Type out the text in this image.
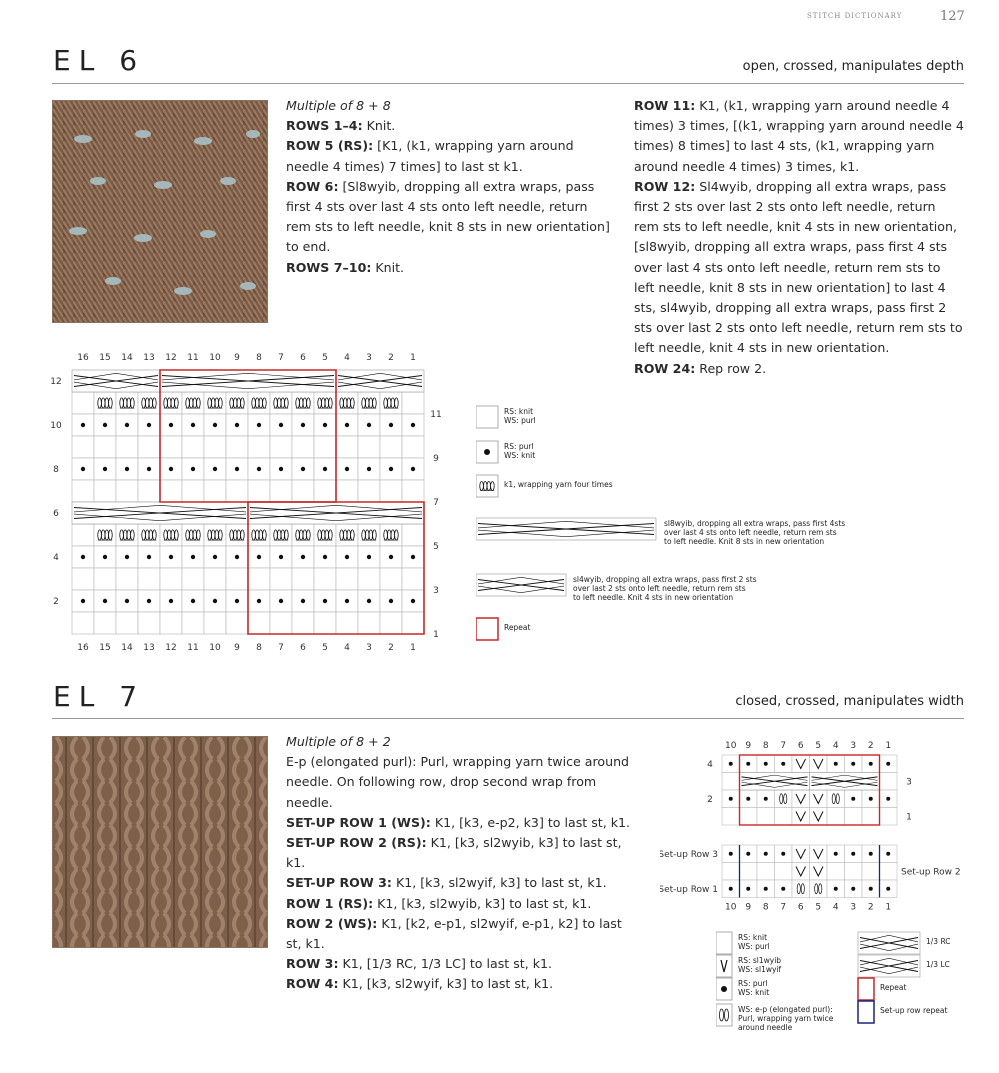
STITCH DICTIONARY	127
EL 6	open, crossed, manipulates depth

Multiple of 8 + 8

ROWS 1–4: Knit.

ROW 5 (RS): [K1, (k1, wrapping yarn around needle 4 times) 7 times] to last st k1.

ROW 6: [Sl8wyib, dropping all extra wraps, pass first 4 sts over last 4 sts onto left needle, return rem sts to left needle, knit 8 sts in new orientation] to end.

ROWS 7–10: Knit.

ROW 11: K1, (k1, wrapping yarn around needle 4 times) 3 times, [(k1, wrapping yarn around needle 4 times) 8 times] to last 4 sts, (k1, wrapping yarn around needle 4 times) 3 times, k1.

ROW 12: Sl4wyib, dropping all extra wraps, pass first 2 sts over last 2 sts onto left needle, return rem sts to left needle, knit 4 sts in new orientation, [sl8wyib, dropping all extra wraps, pass first 4 sts over last 4 sts onto left needle, return rem sts to left needle, knit 8 sts in new orientation] to last 4 sts, sl4wyib, dropping all extra wraps, pass first 2 sts over last 2 sts onto left needle, return rem sts to left needle, knit 4 sts in new orientation.

ROW 24: Rep row 2.

16 15 14 13 12 11 10 9 8 7 6 5 4 3 2 1
16 15 14 13 12 11 10 9 8 7 6 5 4 3 2 1
12
10
8
6
4
2
11
9
7
5
3
1
RS: knit WS: purl
RS: purl WS: knit
k1, wrapping yarn four times
sl8wyib, dropping all extra wraps, pass first 4sts over last 4 sts onto left needle, return rem sts to left needle. Knit 8 sts in new orientation
sl4wyib, dropping all extra wraps, pass first 2 sts over last 2 sts onto left needle, return rem sts to left needle. Knit 4 sts in new orientation
Repeat
EL 7	closed, crossed, manipulates width

Multiple of 8 + 2

E-p (elongated purl): Purl, wrapping yarn twice around needle. On following row, drop second wrap from needle.

SET-UP ROW 1 (WS): K1, [k3, e-p2, k3] to last st, k1.

SET-UP ROW 2 (RS): K1, [k3, sl2wyib, k3] to last st, k1.

SET-UP ROW 3: K1, [k3, sl2wyif, k3] to last st, k1.

ROW 1 (RS): K1, [k3, sl2wyib, k3] to last st, k1.

ROW 2 (WS): K1, [k2, e-p1, sl2wyif, e-p1, k2] to last st, k1.

ROW 3: K1, [1/3 RC, 1/3 LC] to last st, k1.

ROW 4: K1, [k3, sl2wyif, k3] to last st, k1.

10 9 8 7 6 5 4 3 2 1
4
3
2
1
Set-up Row 3
Set-up Row 2
Set-up Row 1
10 9 8 7 6 5 4 3 2 1
RS: knit WS: purl
RS: sl1wyib WS: sl1wyif
RS: purl WS: knit
WS: e-p (elongated purl): Purl, wrapping yarn twice around needle
1/3 RC
1/3 LC
Repeat
Set-up row repeat
